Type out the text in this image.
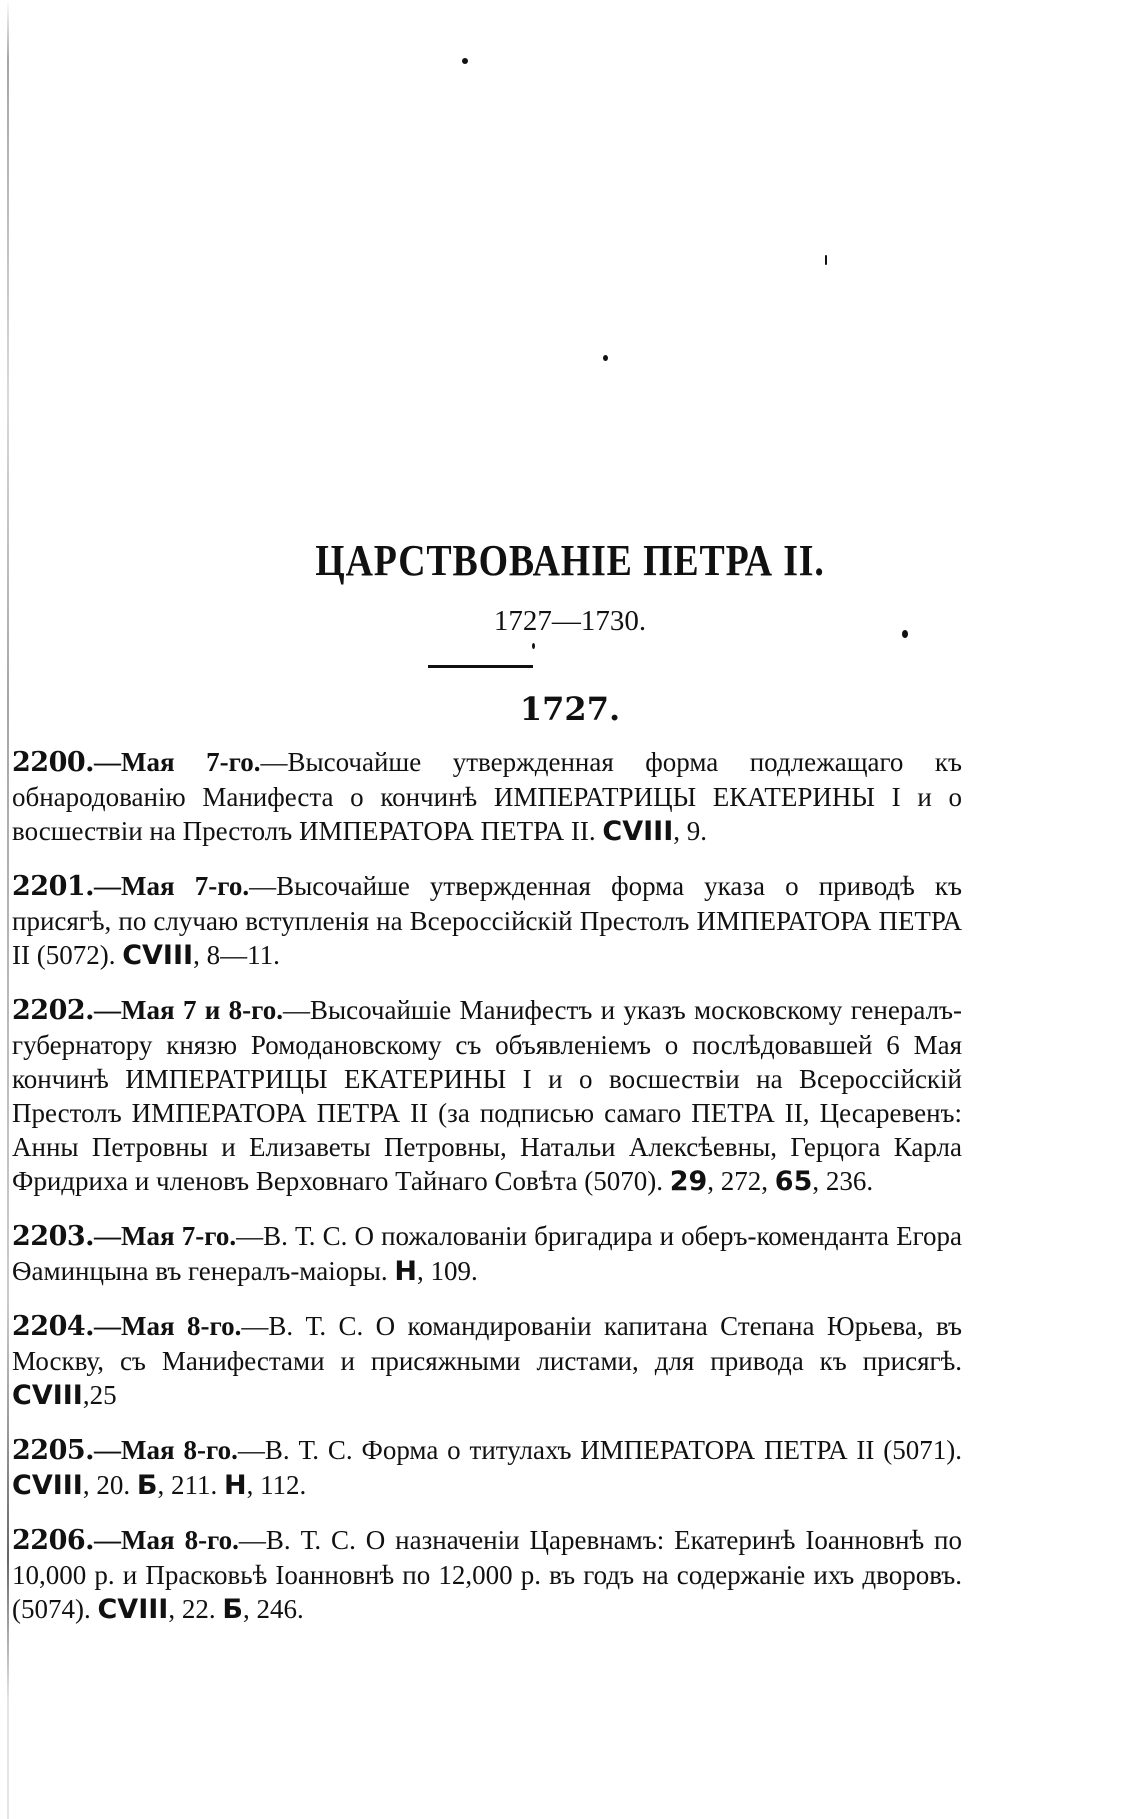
ЦАРСТВОВАНІЕ ПЕТРА II.
1727—1730.
1727.

2200.—Мая 7-го.—Высочайше утвержденная форма подлежащаго къ обнародованію Манифеста о кончинѣ ИМПЕРАТРИЦЫ ЕКАТЕРИНЫ I и о восшествіи на Престолъ ИМПЕРАТОРА ПЕТРА II. CVIII, 9.

2201.—Мая 7-го.—Высочайше утвержденная форма указа о приводѣ къ присягѣ, по случаю вступленія на Всероссійскій Престолъ ИМПЕРАТОРА ПЕТРА II (5072). CVIII, 8—11.

2202.—Мая 7 и 8-го.—Высочайшіе Манифестъ и указъ московскому генералъ-губернатору князю Ромодановскому съ объявленіемъ о послѣдовавшей 6 Мая кончинѣ ИМПЕРАТРИЦЫ ЕКАТЕРИНЫ I и о восшествіи на Всероссійскій Престолъ ИМПЕРАТОРА ПЕТРА II (за подписью самаго ПЕТРА II, Цесаревенъ: Анны Петровны и Елизаветы Петровны, Натальи Алексѣевны, Герцога Карла Фридриха и членовъ Верховнаго Тайнаго Совѣта (5070). 29, 272, 65, 236.

2203.—Мая 7-го.—В. Т. С. О пожалованіи бригадира и оберъ-коменданта Егора Ѳаминцына въ генералъ-маіоры. Н, 109.

2204.—Мая 8-го.—В. Т. С. О командированіи капитана Степана Юрьева, въ Москву, съ Манифестами и присяжными листами, для привода къ присягѣ. CVIII,25

2205.—Мая 8-го.—В. Т. С. Форма о титулахъ ИМПЕРАТОРА ПЕТРА II (5071). CVIII, 20. Б, 211. Н, 112.

2206.—Мая 8-го.—В. Т. С. О назначеніи Царевнамъ: Екатеринѣ Іоанновнѣ по 10,000 р. и Прасковьѣ Іоанновнѣ по 12,000 р. въ годъ на содержаніе ихъ дворовъ. (5074). CVIII, 22. Б, 246.
